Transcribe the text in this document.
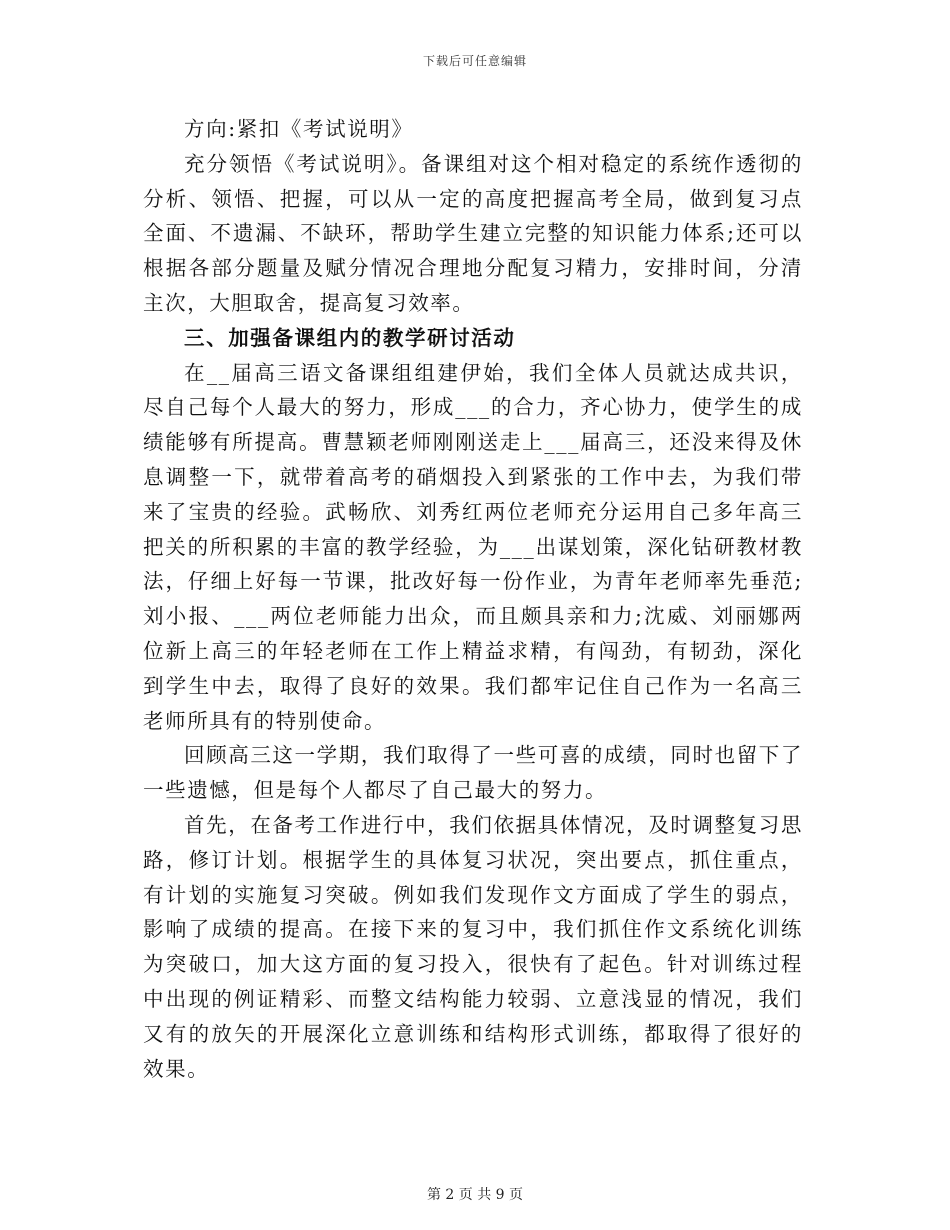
下载后可任意编辑

方向:紧扣《考试说明》

充分领悟《考试说明》。备课组对这个相对稳定的系统作透彻的分析、领悟、把握，可以从一定的高度把握高考全局，做到复习点全面、不遗漏、不缺环，帮助学生建立完整的知识能力体系;还可以根据各部分题量及赋分情况合理地分配复习精力，安排时间，分清主次，大胆取舍，提高复习效率。

三、加强备课组内的教学研讨活动

在__届高三语文备课组组建伊始，我们全体人员就达成共识，尽自己每个人最大的努力，形成___的合力，齐心协力，使学生的成绩能够有所提高。曹慧颖老师刚刚送走上___届高三，还没来得及休息调整一下，就带着高考的硝烟投入到紧张的工作中去，为我们带来了宝贵的经验。武畅欣、刘秀红两位老师充分运用自己多年高三把关的所积累的丰富的教学经验，为___出谋划策，深化钻研教材教法，仔细上好每一节课，批改好每一份作业，为青年老师率先垂范;刘小报、___两位老师能力出众，而且颇具亲和力;沈威、刘丽娜两位新上高三的年轻老师在工作上精益求精，有闯劲，有韧劲，深化到学生中去，取得了良好的效果。我们都牢记住自己作为一名高三老师所具有的特别使命。

回顾高三这一学期，我们取得了一些可喜的成绩，同时也留下了一些遗憾，但是每个人都尽了自己最大的努力。

首先，在备考工作进行中，我们依据具体情况，及时调整复习思路，修订计划。根据学生的具体复习状况，突出要点，抓住重点，有计划的实施复习突破。例如我们发现作文方面成了学生的弱点，影响了成绩的提高。在接下来的复习中，我们抓住作文系统化训练为突破口，加大这方面的复习投入，很快有了起色。针对训练过程中出现的例证精彩、而整文结构能力较弱、立意浅显的情况，我们又有的放矢的开展深化立意训练和结构形式训练，都取得了很好的效果。

第 2 页 共 9 页
